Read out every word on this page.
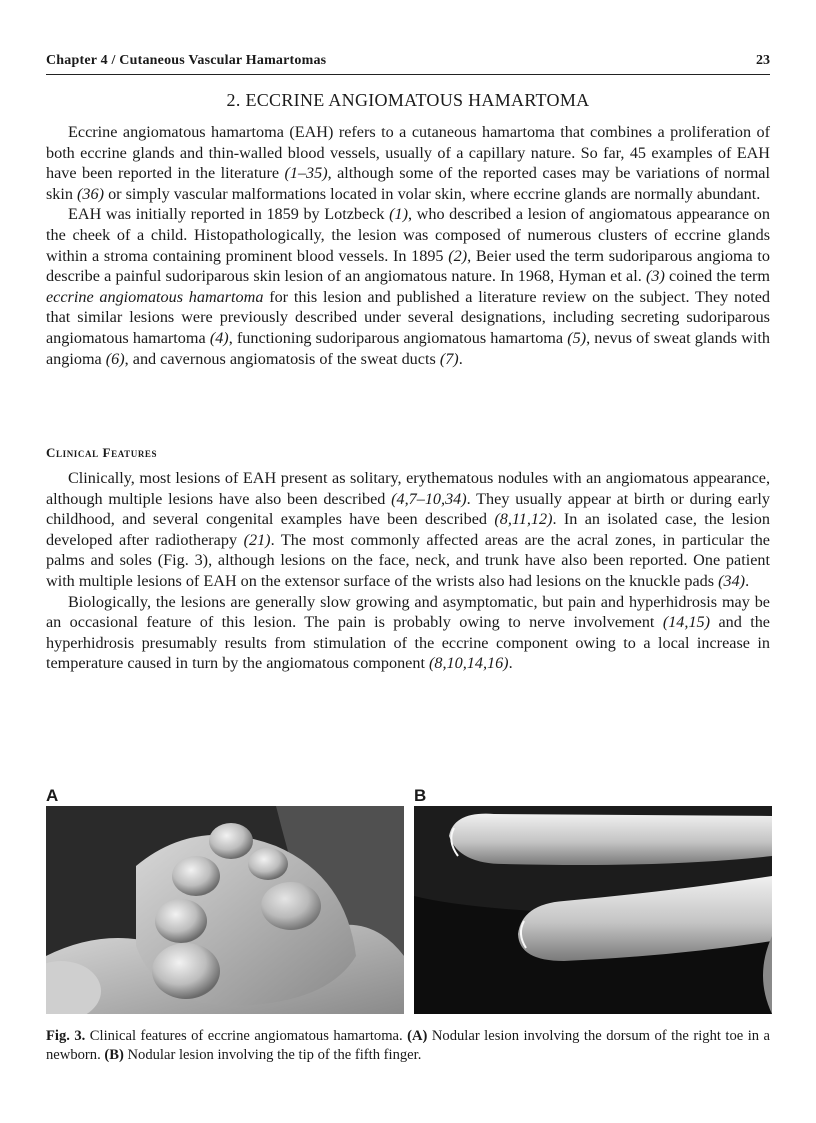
Chapter 4 / Cutaneous Vascular Hamartomas	23
2. ECCRINE ANGIOMATOUS HAMARTOMA

Eccrine angiomatous hamartoma (EAH) refers to a cutaneous hamartoma that combines a proliferation of both eccrine glands and thin-walled blood vessels, usually of a capillary nature. So far, 45 examples of EAH have been reported in the literature (1–35), although some of the reported cases may be variations of normal skin (36) or simply vascular malformations located in volar skin, where eccrine glands are normally abundant.

EAH was initially reported in 1859 by Lotzbeck (1), who described a lesion of angiomatous appearance on the cheek of a child. Histopathologically, the lesion was composed of numerous clusters of eccrine glands within a stroma containing prominent blood vessels. In 1895 (2), Beier used the term sudoriparous angioma to describe a painful sudoriparous skin lesion of an angiomatous nature. In 1968, Hyman et al. (3) coined the term eccrine angiomatous hamartoma for this lesion and published a literature review on the subject. They noted that similar lesions were previously described under several designations, including secreting sudoriparous angiomatous hamartoma (4), functioning sudoriparous angiomatous hamartoma (5), nevus of sweat glands with angioma (6), and cavernous angiomatosis of the sweat ducts (7).

Clinical Features

Clinically, most lesions of EAH present as solitary, erythematous nodules with an angiomatous appearance, although multiple lesions have also been described (4,7–10,34). They usually appear at birth or during early childhood, and several congenital examples have been described (8,11,12). In an isolated case, the lesion developed after radiotherapy (21). The most commonly affected areas are the acral zones, in particular the palms and soles (Fig. 3), although lesions on the face, neck, and trunk have also been reported. One patient with multiple lesions of EAH on the extensor surface of the wrists also had lesions on the knuckle pads (34).

Biologically, the lesions are generally slow growing and asymptomatic, but pain and hyperhidrosis may be an occasional feature of this lesion. The pain is probably owing to nerve involvement (14,15) and the hyperhidrosis presumably results from stimulation of the eccrine component owing to a local increase in temperature caused in turn by the angiomatous component (8,10,14,16).

A	B

Fig. 3. Clinical features of eccrine angiomatous hamartoma. (A) Nodular lesion involving the dorsum of the right toe in a newborn. (B) Nodular lesion involving the tip of the fifth finger.
